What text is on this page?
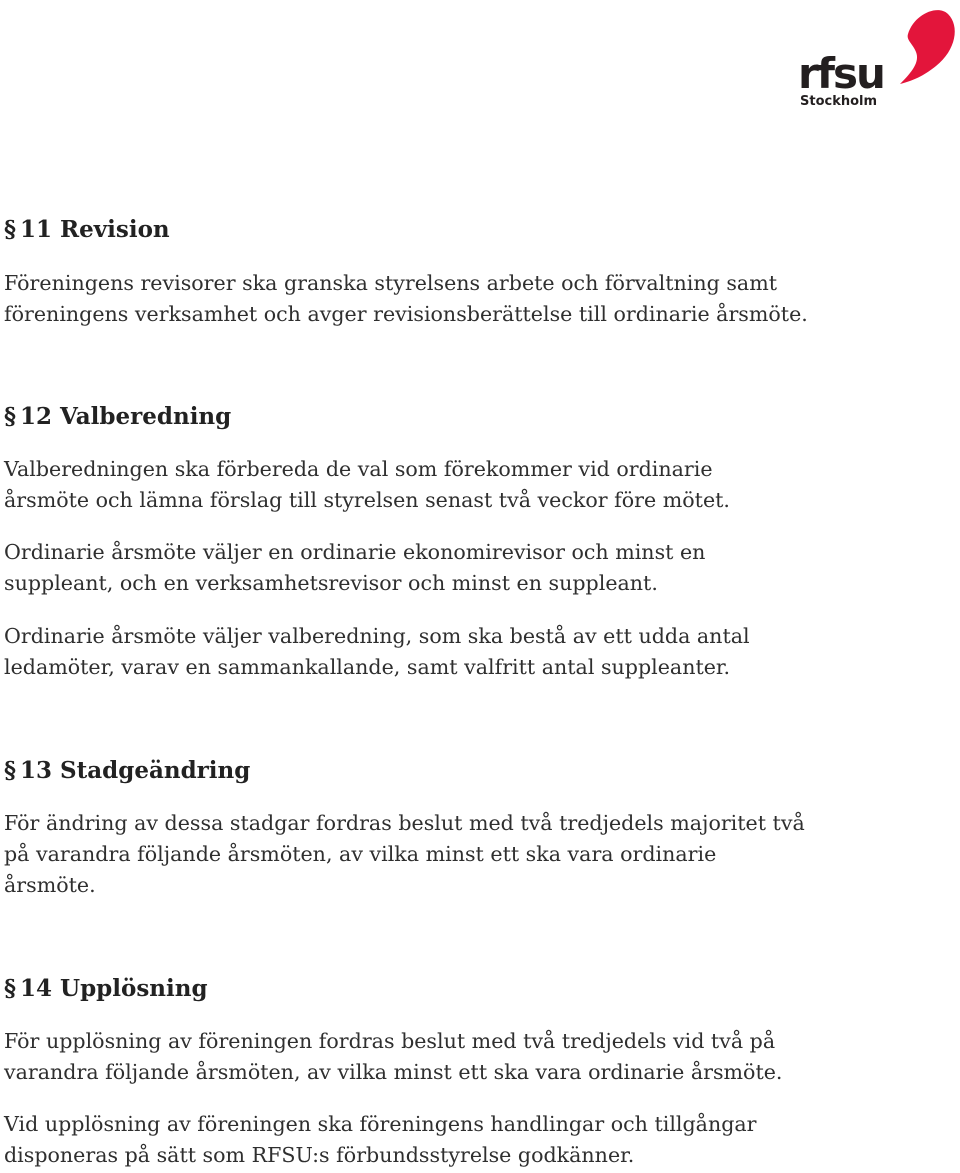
rfsu
Stockholm
§ 11 Revision

Föreningens revisorer ska granska styrelsens arbete och förvaltning samt
föreningens verksamhet och avger revisionsberättelse till ordinarie årsmöte.

§ 12 Valberedning

Valberedningen ska förbereda de val som förekommer vid ordinarie
årsmöte och lämna förslag till styrelsen senast två veckor före mötet.

Ordinarie årsmöte väljer en ordinarie ekonomirevisor och minst en
suppleant, och en verksamhetsrevisor och minst en suppleant.

Ordinarie årsmöte väljer valberedning, som ska bestå av ett udda antal
ledamöter, varav en sammankallande, samt valfritt antal suppleanter.

§ 13 Stadgeändring

För ändring av dessa stadgar fordras beslut med två tredjedels majoritet två
på varandra följande årsmöten, av vilka minst ett ska vara ordinarie
årsmöte.

§ 14 Upplösning

För upplösning av föreningen fordras beslut med två tredjedels vid två på
varandra följande årsmöten, av vilka minst ett ska vara ordinarie årsmöte.

Vid upplösning av föreningen ska föreningens handlingar och tillgångar
disponeras på sätt som RFSU:s förbundsstyrelse godkänner.
